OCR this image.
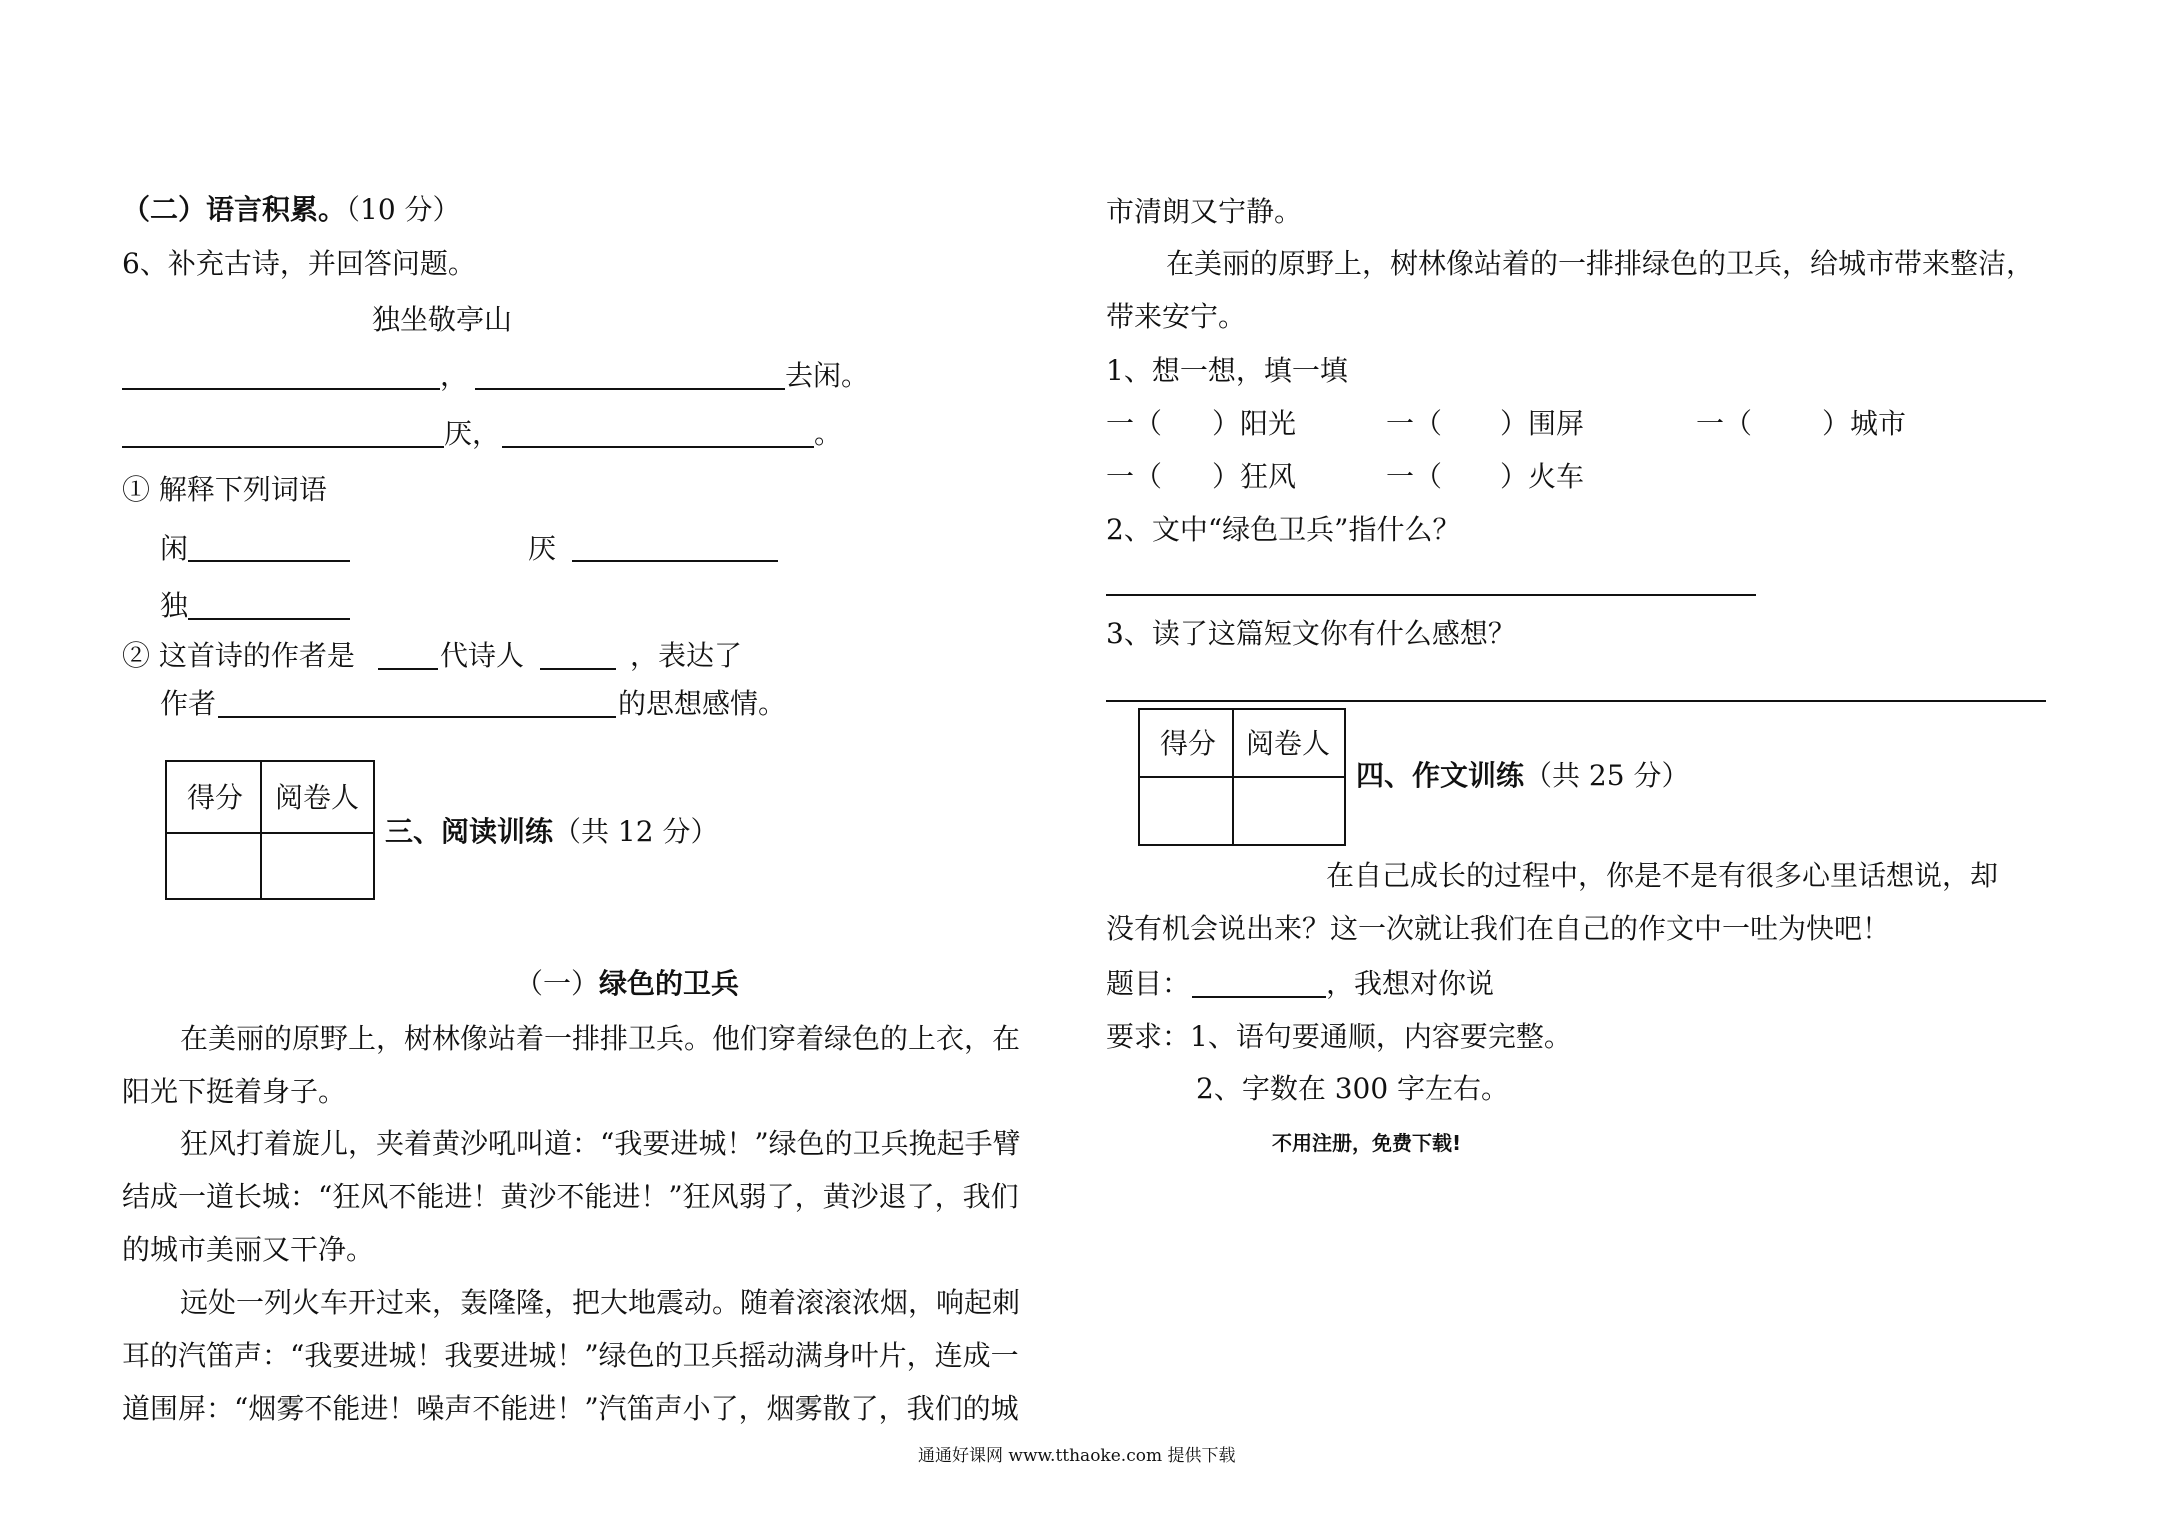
（二）语言积累。（10 分）
6、补充古诗，并回答问题。
独坐敬亭山
，	去闲。
厌，	。
① 解释下列词语
闲	厌
独
② 这首诗的作者是	代诗人	，表达了
作者	的思想感情。
得分 阅卷人
三、阅读训练（共 12 分）
（一）绿色的卫兵
在美丽的原野上，树林像站着一排排卫兵。他们穿着绿色的上衣，在
阳光下挺着身子。
狂风打着旋儿，夹着黄沙吼叫道：“我要进城！”绿色的卫兵挽起手臂
结成一道长城：“狂风不能进！黄沙不能进！”狂风弱了，黄沙退了，我们
的城市美丽又干净。
远处一列火车开过来，轰隆隆，把大地震动。随着滚滚浓烟，响起刺
耳的汽笛声：“我要进城！我要进城！”绿色的卫兵摇动满身叶片，连成一
道围屏：“烟雾不能进！噪声不能进！”汽笛声小了，烟雾散了，我们的城
市清朗又宁静。
在美丽的原野上，树林像站着的一排排绿色的卫兵，给城市带来整洁，
带来安宁。
1、想一想，填一填
一（ ）阳光	一（ ）围屏	一（	）城市
一（ ）狂风	一（ ）火车
2、文中“绿色卫兵”指什么？
3、读了这篇短文你有什么感想？
得分 阅卷人
四、作文训练（共 25 分）
在自己成长的过程中，你是不是有很多心里话想说，却
没有机会说出来？这一次就让我们在自己的作文中一吐为快吧！
题目：	，我想对你说
要求：1、语句要通顺，内容要完整。
2、字数在 300 字左右。
不用注册，免费下载!
通通好课网 www.tthaoke.com 提供下载
